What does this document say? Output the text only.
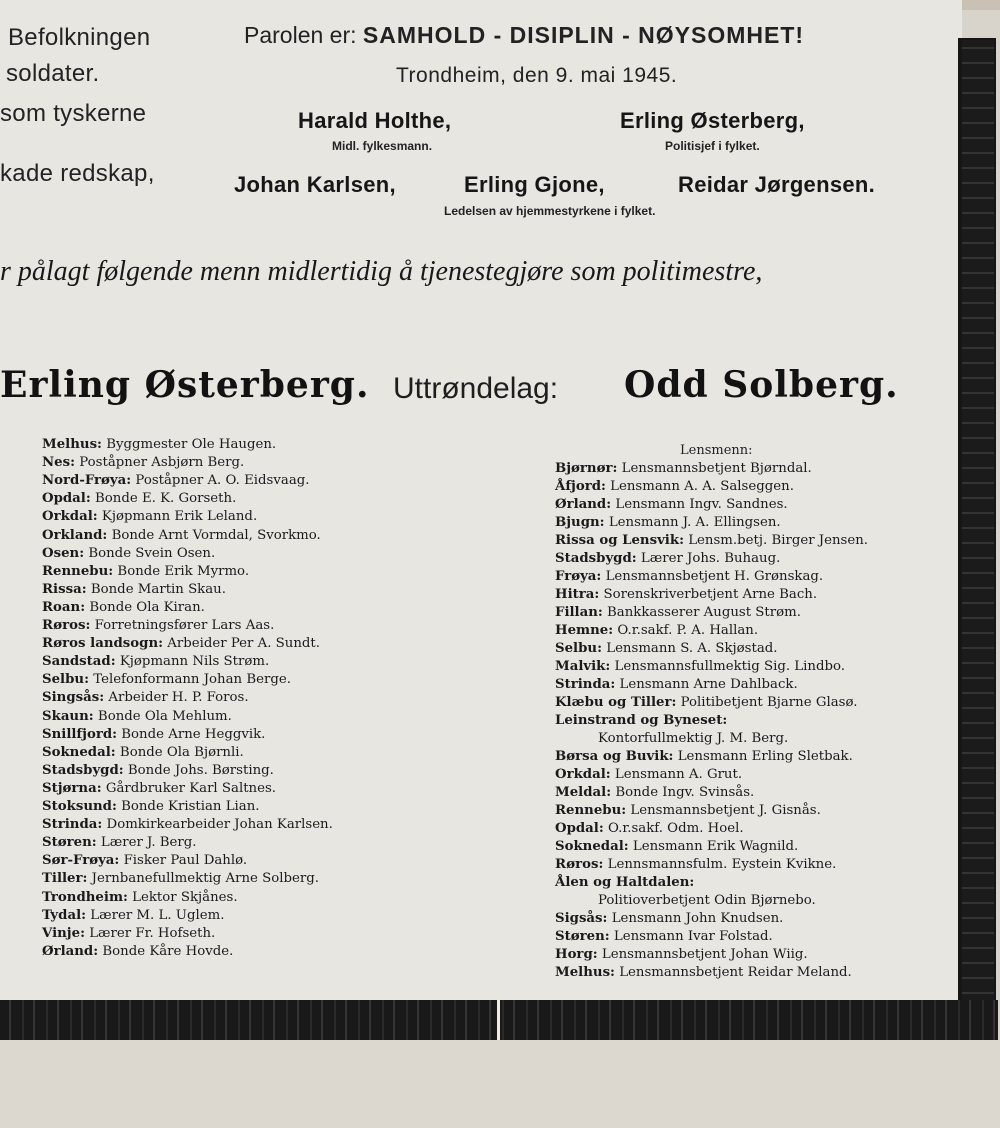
Befolkningen
soldater.
som tyskerne
kade redskap,
Parolen er: SAMHOLD - DISIPLIN - NØYSOMHET!
Trondheim, den 9. mai 1945.
Harald Holthe,
Midl. fylkesmann.
Erling Østerberg,
Politisjef i fylket.
Johan Karlsen,	Erling Gjone,	Reidar Jørgensen.
Ledelsen av hjemmestyrkene i fylket.
r pålagt følgende menn midlertidig å tjenestegjøre som politimestre,
Erling Østerberg. Uttrøndelag: Odd Solberg.
Melhus: Byggmester Ole Haugen.
Nes: Poståpner Asbjørn Berg.
Nord-Frøya: Poståpner A. O. Eidsvaag.
Opdal: Bonde E. K. Gorseth.
Orkdal: Kjøpmann Erik Leland.
Orkland: Bonde Arnt Vormdal, Svorkmo.
Osen: Bonde Svein Osen.
Rennebu: Bonde Erik Myrmo.
Rissa: Bonde Martin Skau.
Roan: Bonde Ola Kiran.
Røros: Forretningsfører Lars Aas.
Røros landsogn: Arbeider Per A. Sundt.
Sandstad: Kjøpmann Nils Strøm.
Selbu: Telefonformann Johan Berge.
Singsås: Arbeider H. P. Foros.
Skaun: Bonde Ola Mehlum.
Snillfjord: Bonde Arne Heggvik.
Soknedal: Bonde Ola Bjørnli.
Stadsbygd: Bonde Johs. Børsting.
Stjørna: Gårdbruker Karl Saltnes.
Stoksund: Bonde Kristian Lian.
Strinda: Domkirkearbeider Johan Karlsen.
Støren: Lærer J. Berg.
Sør-Frøya: Fisker Paul Dahlø.
Tiller: Jernbanefullmektig Arne Solberg.
Trondheim: Lektor Skjånes.
Tydal: Lærer M. L. Uglem.
Vinje: Lærer Fr. Hofseth.
Ørland: Bonde Kåre Hovde.
Lensmenn:
Bjørnør: Lensmannsbetjent Bjørndal.
Åfjord: Lensmann A. A. Salseggen.
Ørland: Lensmann Ingv. Sandnes.
Bjugn: Lensmann J. A. Ellingsen.
Rissa og Lensvik: Lensm.betj. Birger Jensen.
Stadsbygd: Lærer Johs. Buhaug.
Frøya: Lensmannsbetjent H. Grønskag.
Hitra: Sorenskriverbetjent Arne Bach.
Fillan: Bankkasserer August Strøm.
Hemne: O.r.sakf. P. A. Hallan.
Selbu: Lensmann S. A. Skjøstad.
Malvik: Lensmannsfullmektig Sig. Lindbo.
Strinda: Lensmann Arne Dahlback.
Klæbu og Tiller: Politibetjent Bjarne Glasø.
Leinstrand og Byneset:
Kontorfullmektig J. M. Berg.
Børsa og Buvik: Lensmann Erling Sletbak.
Orkdal: Lensmann A. Grut.
Meldal: Bonde Ingv. Svinsås.
Rennebu: Lensmannsbetjent J. Gisnås.
Opdal: O.r.sakf. Odm. Hoel.
Soknedal: Lensmann Erik Wagnild.
Røros: Lennsmannsfulm. Eystein Kvikne.
Ålen og Haltdalen:
Politioverbetjent Odin Bjørnebo.
Sigsås: Lensmann John Knudsen.
Støren: Lensmann Ivar Folstad.
Horg: Lensmannsbetjent Johan Wiig.
Melhus: Lensmannsbetjent Reidar Meland.
